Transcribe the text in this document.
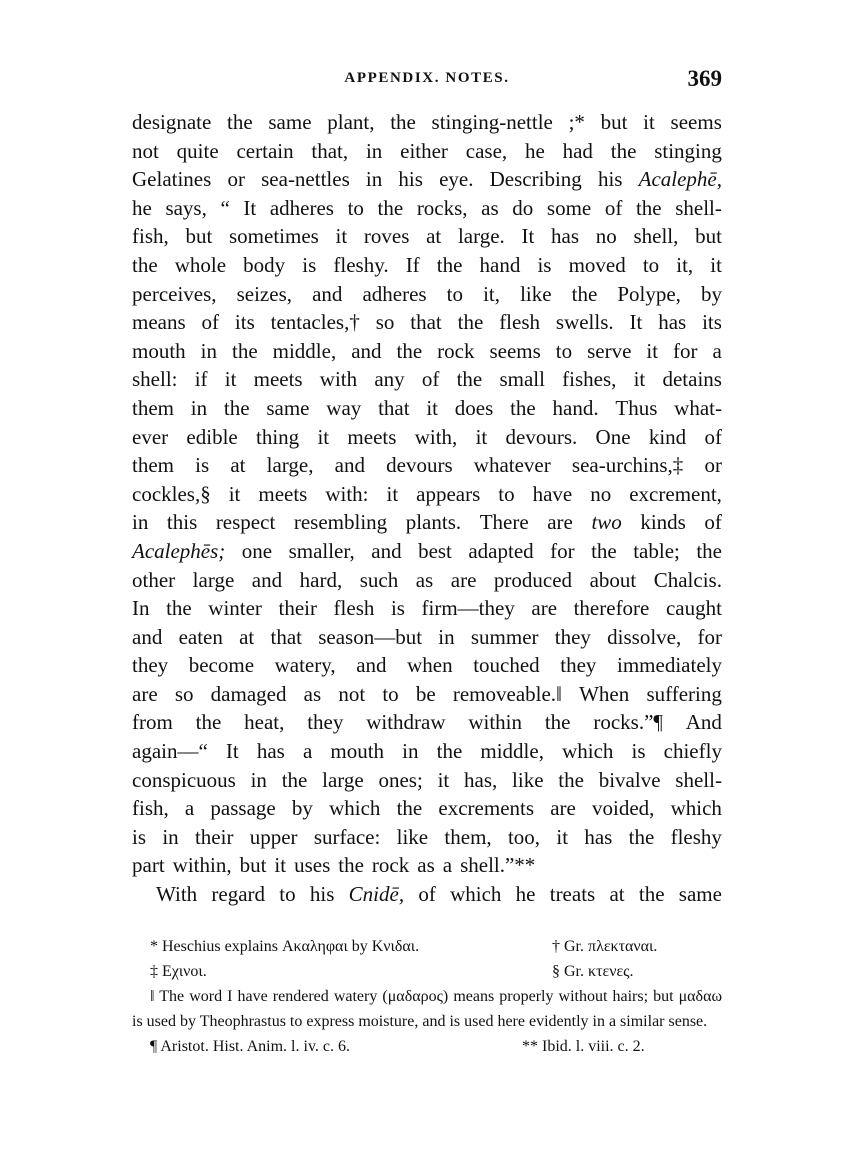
APPENDIX. NOTES.	369
designate the same plant, the stinging-nettle ;* but it seems
not quite certain that, in either case, he had the stinging
Gelatines or sea-nettles in his eye. Describing his Acalephē,
he says, “ It adheres to the rocks, as do some of the shell-
fish, but sometimes it roves at large. It has no shell, but
the whole body is fleshy. If the hand is moved to it, it
perceives, seizes, and adheres to it, like the Polype, by
means of its tentacles,† so that the flesh swells. It has its
mouth in the middle, and the rock seems to serve it for a
shell: if it meets with any of the small fishes, it detains
them in the same way that it does the hand. Thus what-
ever edible thing it meets with, it devours. One kind of
them is at large, and devours whatever sea-urchins,‡ or
cockles,§ it meets with: it appears to have no excrement,
in this respect resembling plants. There are two kinds of
Acalephēs; one smaller, and best adapted for the table; the
other large and hard, such as are produced about Chalcis.
In the winter their flesh is firm—they are therefore caught
and eaten at that season—but in summer they dissolve, for
they become watery, and when touched they immediately
are so damaged as not to be removeable.‖ When suffering
from the heat, they withdraw within the rocks.”¶ And
again—“ It has a mouth in the middle, which is chiefly
conspicuous in the large ones; it has, like the bivalve shell-
fish, a passage by which the excrements are voided, which
is in their upper surface: like them, too, it has the fleshy
part within, but it uses the rock as a shell.”**
With regard to his Cnidē, of which he treats at the same
* Heschius explains Ακαληφαι by Κνιδαι.	† Gr. πλεκταναι.
‡ Εχινοι.	§ Gr. κτενες.

‖ The word I have rendered watery (μαδαρος) means properly without hairs; but μαδαω is used by Theophrastus to express moisture, and is used here evidently in a similar sense.

¶ Aristot. Hist. Anim. l. iv. c. 6.	** Ibid. l. viii. c. 2.
